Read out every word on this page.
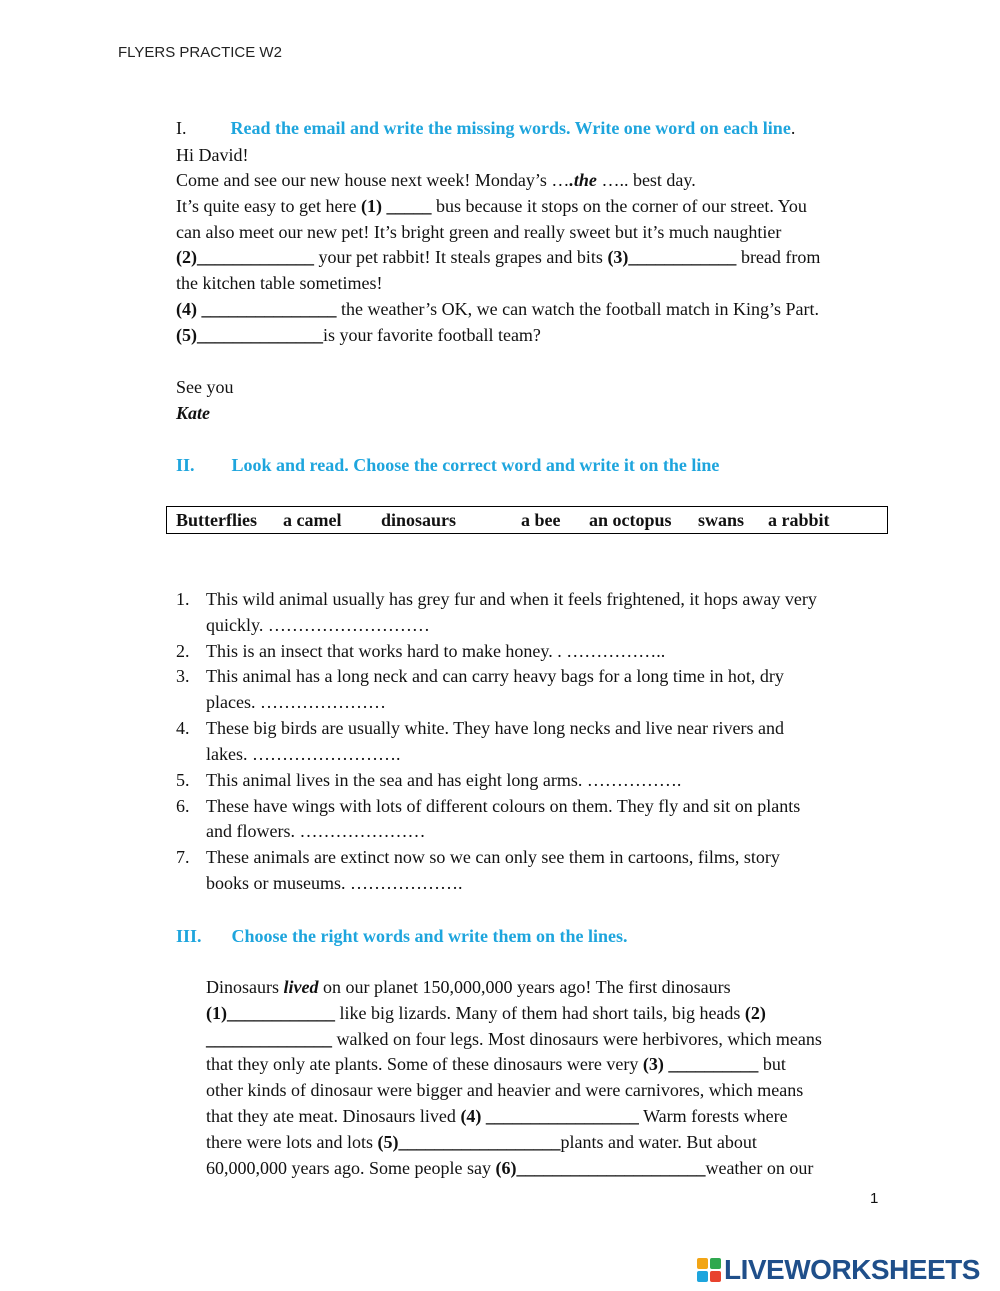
FLYERS PRACTICE W2
I. Read the email and write the missing words. Write one word on each line.
Hi David!
Come and see our new house next week! Monday’s ….the ….. best day.
It’s quite easy to get here (1) _____ bus because it stops on the corner of our street. You
can also meet our new pet! It’s bright green and really sweet but it’s much naughtier
(2)_____________ your pet rabbit! It steals grapes and bits (3)____________ bread from
the kitchen table sometimes!
(4) _______________ the weather’s OK, we can watch the football match in King’s Part.
(5)______________is your favorite football team?
See you
Kate
II. Look and read. Choose the correct word and write it on the line
Butterflies a camel dinosaurs	a bee an octopus swans a rabbit
1. This wild animal usually has grey fur and when it feels frightened, it hops away very
quickly. ………………………
2. This is an insect that works hard to make honey. . ……………..
3. This animal has a long neck and can carry heavy bags for a long time in hot, dry
places. …………………
4. These big birds are usually white. They have long necks and live near rivers and
lakes. …………………….
5. This animal lives in the sea and has eight long arms. …………….
6. These have wings with lots of different colours on them. They fly and sit on plants
and flowers. …………………
7. These animals are extinct now so we can only see them in cartoons, films, story
books or museums. ……………….
III. Choose the right words and write them on the lines.
Dinosaurs lived on our planet 150,000,000 years ago! The first dinosaurs
(1)____________ like big lizards. Many of them had short tails, big heads (2)
______________ walked on four legs. Most dinosaurs were herbivores, which means
that they only ate plants. Some of these dinosaurs were very (3) __________ but
other kinds of dinosaur were bigger and heavier and were carnivores, which means
that they ate meat. Dinosaurs lived (4) _________________ Warm forests where
there were lots and lots (5)__________________plants and water. But about
60,000,000 years ago. Some people say (6)_____________________weather on our
1
LIVEWORKSHEETS
